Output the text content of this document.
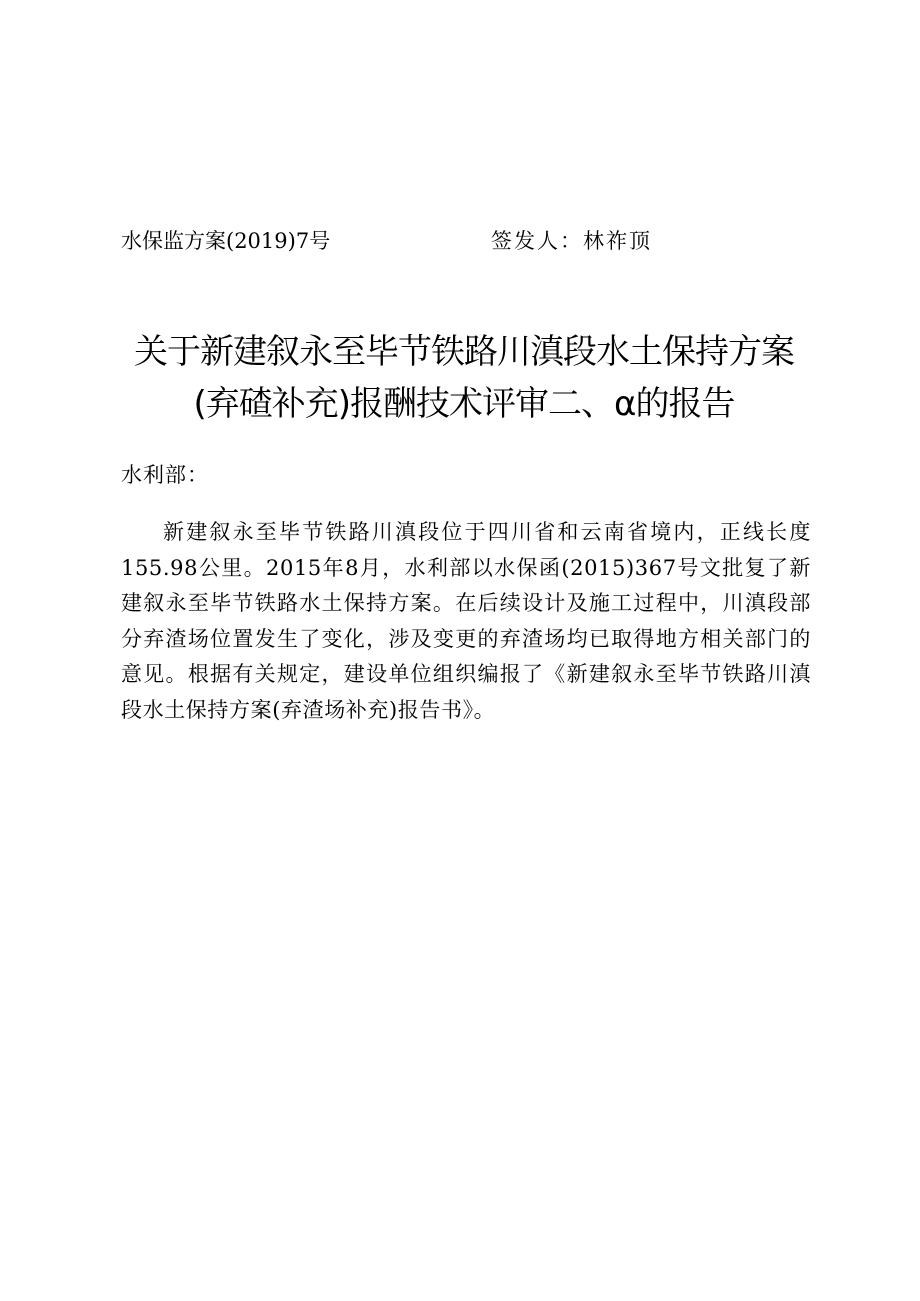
水保监方案(2019)7号	签发人：林祚顶
关于新建叙永至毕节铁路川滇段水土保持方案
(弃碴补充)报酬技术评审二、α的报告
水利部：

新建叙永至毕节铁路川滇段位于四川省和云南省境内，正线长度155.98公里。2015年8月，水利部以水保函(2015)367号文批复了新建叙永至毕节铁路水土保持方案。在后续设计及施工过程中，川滇段部分弃渣场位置发生了变化，涉及变更的弃渣场均已取得地方相关部门的意见。根据有关规定，建设单位组织编报了《新建叙永至毕节铁路川滇段水土保持方案(弃渣场补充)报告书》。
